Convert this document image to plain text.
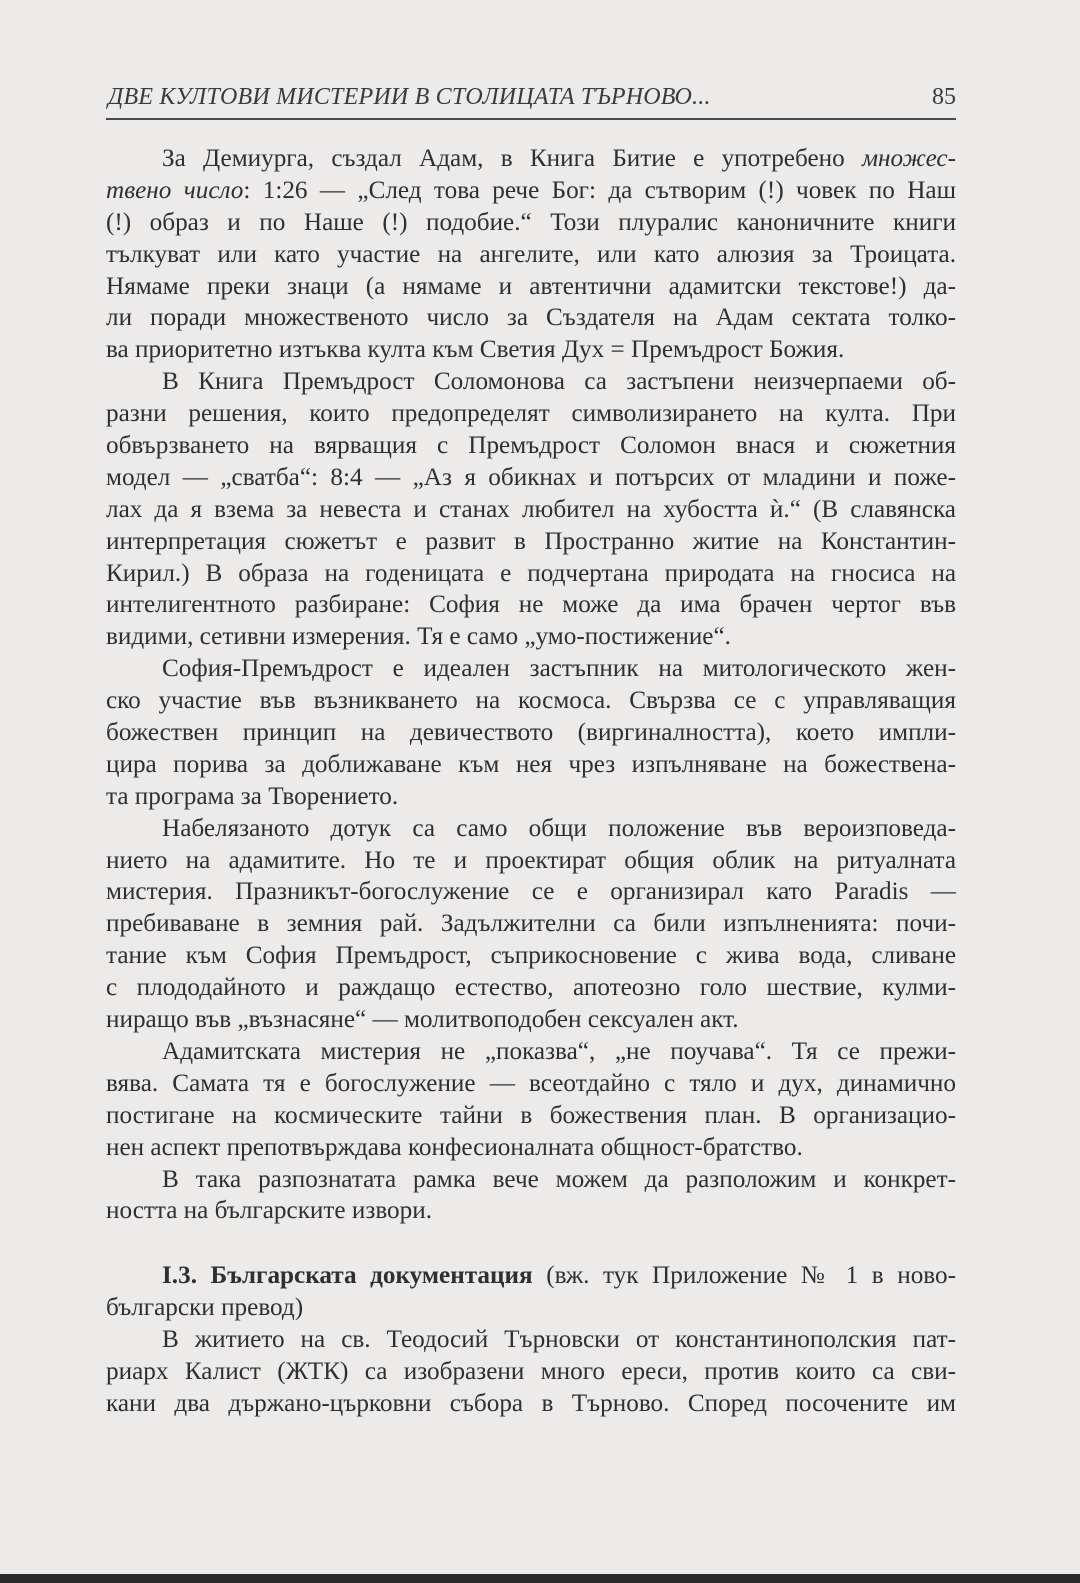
ДВЕ КУЛТОВИ МИСТЕРИИ В СТОЛИЦАТА ТЪРНОВО...	85
За Демиурга, създал Адам, в Книга Битие е употребено множес-
твено число: 1:26 — „След това рече Бог: да сътворим (!) човек по Наш
(!) образ и по Наше (!) подобие.“ Този плуралис каноничните книги
тълкуват или като участие на ангелите, или като алюзия за Троицата.
Нямаме преки знаци (а нямаме и автентични адамитски текстове!) да-
ли поради множественото число за Създателя на Адам сектата толко-
ва приоритетно изтъква култа към Светия Дух = Премъдрост Божия.
В Книга Премъдрост Соломонова са застъпени неизчерпаеми об-
разни решения, които предопределят символизирането на култа. При
обвързването на вярващия с Премъдрост Соломон внася и сюжетния
модел — „сватба“: 8:4 — „Аз я обикнах и потърсих от младини и поже-
лах да я взема за невеста и станах любител на хубостта ѝ.“ (В славянска
интерпретация сюжетът е развит в Пространно житие на Константин-
Кирил.) В образа на годеницата е подчертана природата на гносиса на
интелигентното разбиране: София не може да има брачен чертог във
видими, сетивни измерения. Тя е само „умо-постижение“.
София-Премъдрост е идеален застъпник на митологическото жен-
ско участие във възникването на космоса. Свързва се с управляващия
божествен принцип на девичеството (виргиналността), което импли-
цира порива за доближаване към нея чрез изпълняване на божествена-
та програма за Творението.
Набелязаното дотук са само общи положение във вероизповеда-
нието на адамитите. Но те и проектират общия облик на ритуалната
мистерия. Празникът-богослужение се е организирал като Paradis —
пребиваване в земния рай. Задължителни са били изпълненията: почи-
тание към София Премъдрост, съприкосновение с жива вода, сливане
с плододайното и раждащо естество, апотеозно голо шествие, кулми-
ниращо във „възнасяне“ — молитвоподобен сексуален акт.
Адамитската мистерия не „показва“, „не поучава“. Тя се прежи-
вява. Самата тя е богослужение — всеотдайно с тяло и дух, динамично
постигане на космическите тайни в божествения план. В организацио-
нен аспект препотвърждава конфесионалната общност-братство.
В така разпознатата рамка вече можем да разположим и конкрет-
ността на българските извори.
I.3. Българската документация (вж. тук Приложение № 1 в ново-
български превод)
В житието на св. Теодосий Търновски от константинополския пат-
риарх Калист (ЖТК) са изобразени много ереси, против които са сви-
кани два държано-църковни събора в Търново. Според посочените им
